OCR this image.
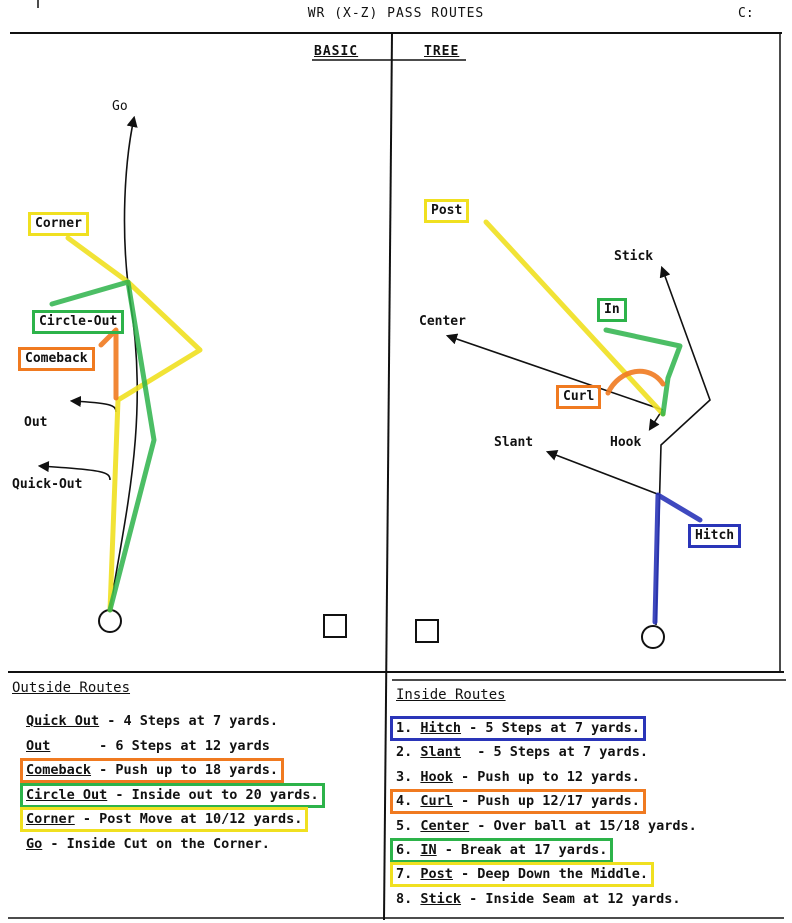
WR (X-Z) PASS ROUTES	C:
BASIC	TREE
Go
Corner
Circle-Out
Comeback
Out
Quick-Out
Post
Stick
In
Center
Curl
Slant	Hook
Hitch
Outside Routes
Quick Out - 4 Steps at 7 yards.
Out      - 6 Steps at 12 yards
Comeback - Push up to 18 yards.
Circle Out - Inside out to 20 yards.
Corner - Post Move at 10/12 yards.
Go - Inside Cut on the Corner.
Inside Routes
1. Hitch - 5 Steps at 7 yards.
2. Slant  - 5 Steps at 7 yards.
3. Hook - Push up to 12 yards.
4. Curl - Push up 12/17 yards.
5. Center - Over ball at 15/18 yards.
6. IN - Break at 17 yards.
7. Post - Deep Down the Middle.
8. Stick - Inside Seam at 12 yards.
